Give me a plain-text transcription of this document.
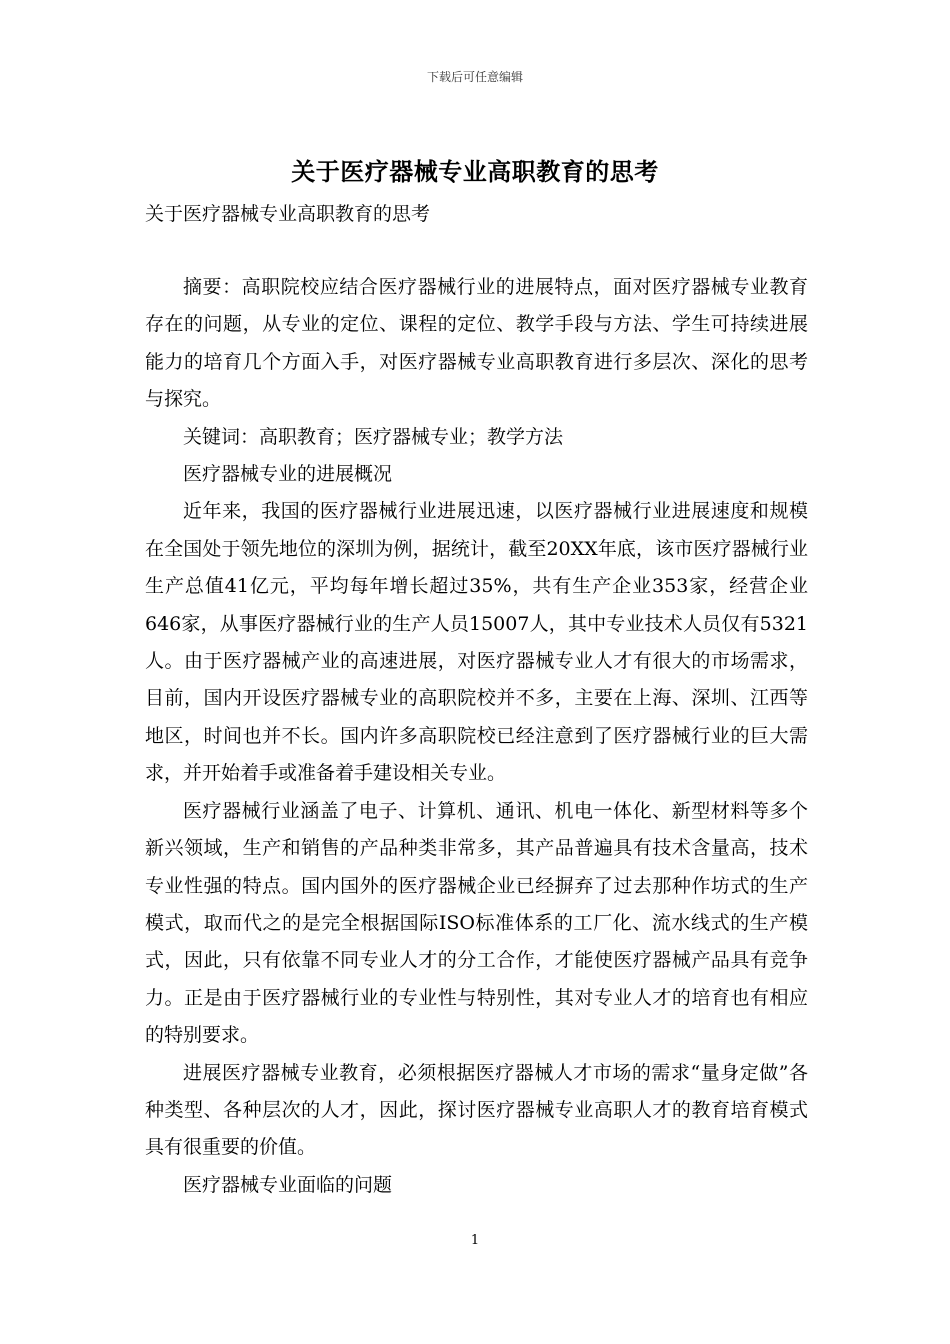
下载后可任意编辑
关于医疗器械专业高职教育的思考

关于医疗器械专业高职教育的思考

摘要：高职院校应结合医疗器械行业的进展特点，面对医疗器械专业教育存在的问题，从专业的定位、课程的定位、教学手段与方法、学生可持续进展能力的培育几个方面入手，对医疗器械专业高职教育进行多层次、深化的思考与探究。

关键词：高职教育；医疗器械专业；教学方法

医疗器械专业的进展概况

近年来，我国的医疗器械行业进展迅速，以医疗器械行业进展速度和规模在全国处于领先地位的深圳为例，据统计，截至20XX年底，该市医疗器械行业生产总值41亿元，平均每年增长超过35%，共有生产企业353家，经营企业646家，从事医疗器械行业的生产人员15007人，其中专业技术人员仅有5321人。由于医疗器械产业的高速进展，对医疗器械专业人才有很大的市场需求，目前，国内开设医疗器械专业的高职院校并不多，主要在上海、深圳、江西等地区，时间也并不长。国内许多高职院校已经注意到了医疗器械行业的巨大需求，并开始着手或准备着手建设相关专业。

医疗器械行业涵盖了电子、计算机、通讯、机电一体化、新型材料等多个新兴领域，生产和销售的产品种类非常多，其产品普遍具有技术含量高，技术专业性强的特点。国内国外的医疗器械企业已经摒弃了过去那种作坊式的生产模式，取而代之的是完全根据国际ISO标准体系的工厂化、流水线式的生产模式，因此，只有依靠不同专业人才的分工合作，才能使医疗器械产品具有竞争力。正是由于医疗器械行业的专业性与特别性，其对专业人才的培育也有相应的特别要求。

进展医疗器械专业教育，必须根据医疗器械人才市场的需求“量身定做”各种类型、各种层次的人才，因此，探讨医疗器械专业高职人才的教育培育模式具有很重要的价值。

医疗器械专业面临的问题

1
